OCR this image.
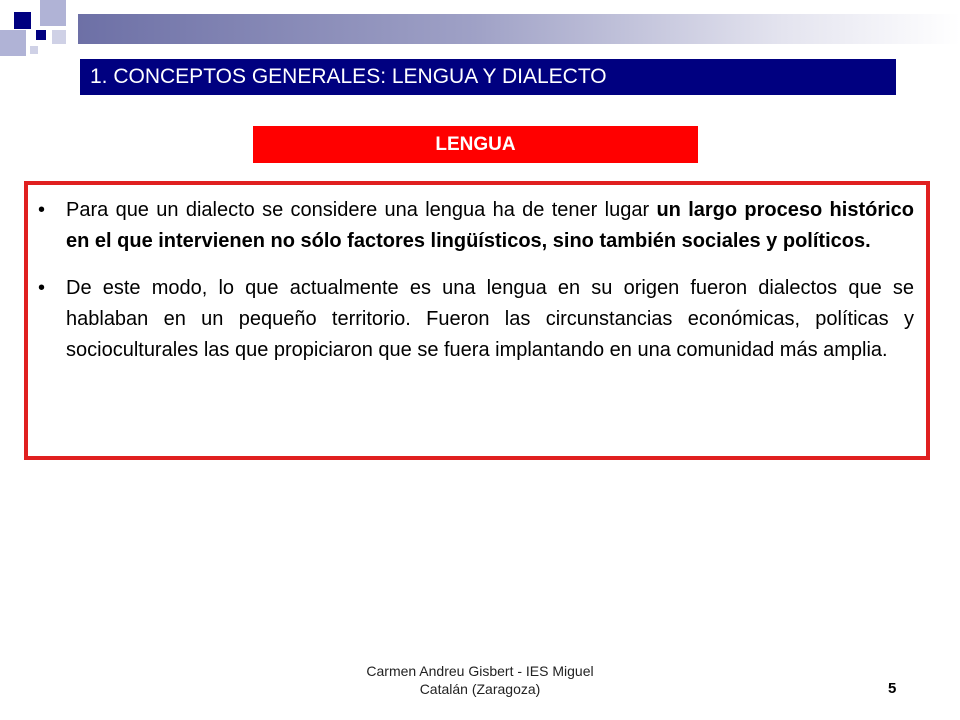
1. CONCEPTOS GENERALES: LENGUA Y DIALECTO
LENGUA
• Para que un dialecto se considere una lengua ha de tener lugar un largo proceso histórico en el que intervienen no sólo factores lingüísticos, sino también sociales y políticos.
• De este modo, lo que actualmente es una lengua en su origen fueron dialectos que se hablaban en un pequeño territorio. Fueron las circunstancias económicas, políticas y socioculturales las que propiciaron que se fuera implantando en una comunidad más amplia.
Carmen Andreu Gisbert - IES Miguel
Catalán (Zaragoza)	5
